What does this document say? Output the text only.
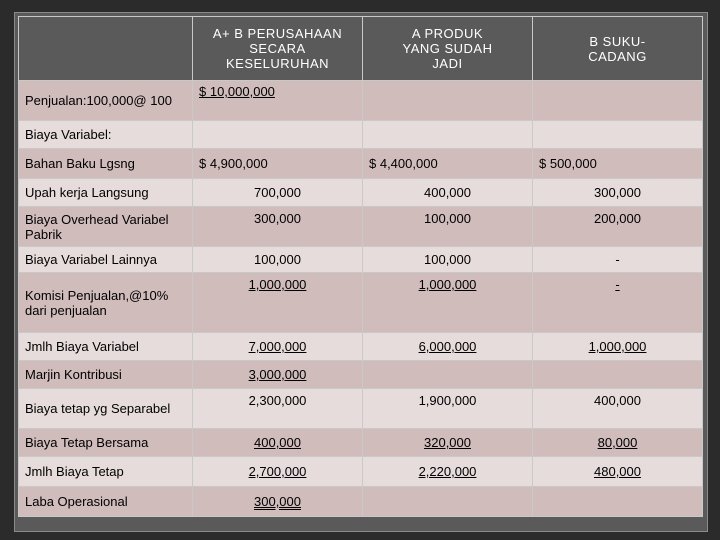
	A+ B PERUSAHAAN SECARA KESELURUHAN	A PRODUK YANG SUDAH JADI	B SUKU-CADANG

Penjualan:100,000@ 100	$ 10,000,000		
Biaya Variabel:			
Bahan Baku Lgsng	$ 4,900,000	$ 4,400,000	$ 500,000
Upah kerja Langsung	700,000	400,000	300,000
Biaya Overhead Variabel Pabrik	300,000	100,000	200,000
Biaya Variabel Lainnya	100,000	100,000	-
Komisi Penjualan,@10% dari penjualan	1,000,000	1,000,000	-
Jmlh Biaya Variabel	7,000,000	6,000,000	1,000,000
Marjin Kontribusi	3,000,000		
Biaya tetap yg Separabel	2,300,000	1,900,000	400,000
Biaya Tetap Bersama	400,000	320,000	80,000
Jmlh Biaya Tetap	2,700,000	2,220,000	480,000
Laba Operasional	300,000		
